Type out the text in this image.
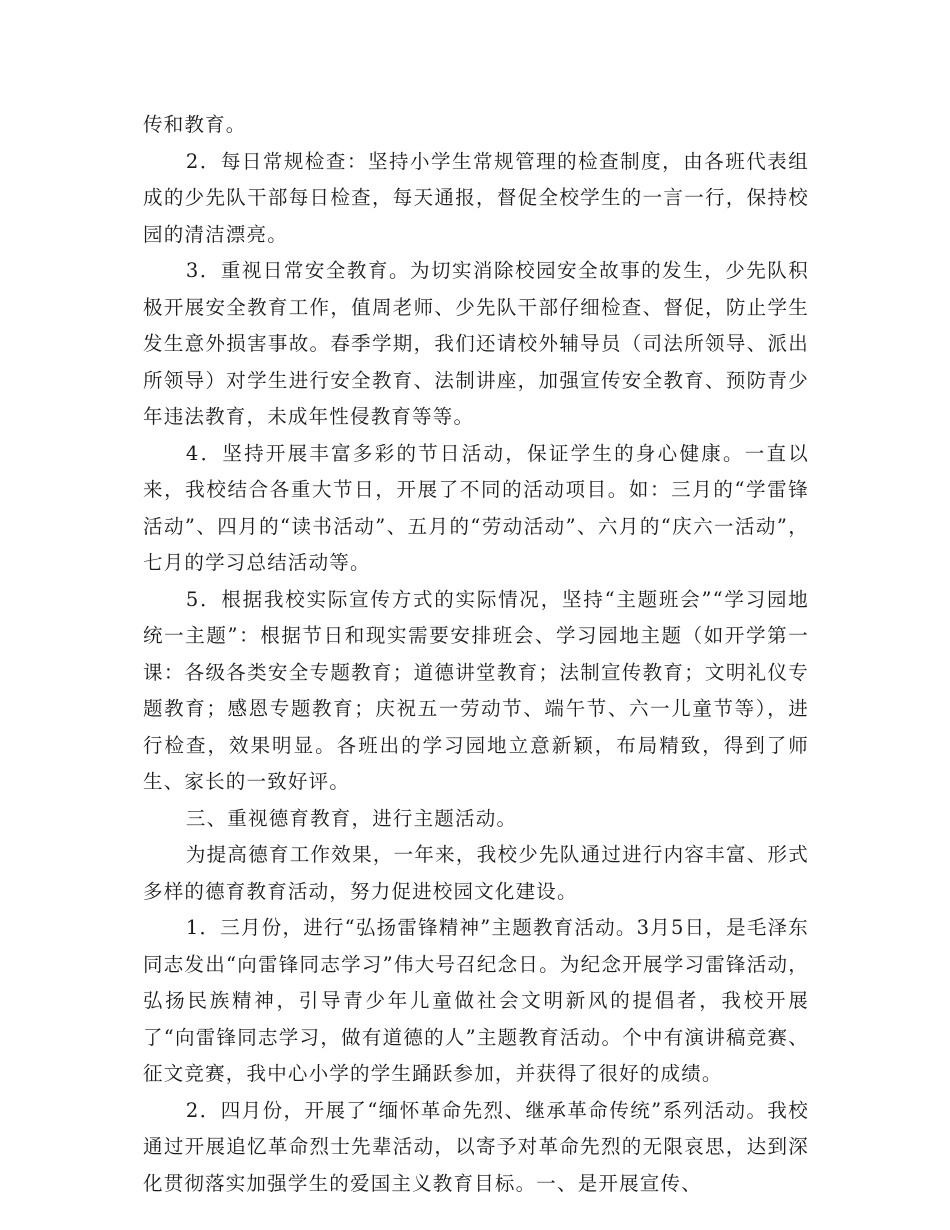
传和教育。

2．每日常规检查：坚持小学生常规管理的检查制度，由各班代表组成的少先队干部每日检查，每天通报，督促全校学生的一言一行，保持校园的清洁漂亮。

3．重视日常安全教育。为切实消除校园安全故事的发生，少先队积极开展安全教育工作，值周老师、少先队干部仔细检查、督促，防止学生发生意外损害事故。春季学期，我们还请校外辅导员（司法所领导、派出所领导）对学生进行安全教育、法制讲座，加强宣传安全教育、预防青少年违法教育，未成年性侵教育等等。

4．坚持开展丰富多彩的节日活动，保证学生的身心健康。一直以来，我校结合各重大节日，开展了不同的活动项目。如：三月的“学雷锋活动”、四月的“读书活动”、五月的“劳动活动”、六月的“庆六一活动”，七月的学习总结活动等。

5．根据我校实际宣传方式的实际情况，坚持“主题班会”“学习园地统一主题”：根据节日和现实需要安排班会、学习园地主题（如开学第一课：各级各类安全专题教育；道德讲堂教育；法制宣传教育；文明礼仪专题教育；感恩专题教育；庆祝五一劳动节、端午节、六一儿童节等），进行检查，效果明显。各班出的学习园地立意新颖，布局精致，得到了师生、家长的一致好评。

三、重视德育教育，进行主题活动。

为提高德育工作效果，一年来，我校少先队通过进行内容丰富、形式多样的德育教育活动，努力促进校园文化建设。

1．三月份，进行“弘扬雷锋精神”主题教育活动。3月5日，是毛泽东同志发出“向雷锋同志学习”伟大号召纪念日。为纪念开展学习雷锋活动，弘扬民族精神，引导青少年儿童做社会文明新风的提倡者，我校开展了“向雷锋同志学习，做有道德的人”主题教育活动。个中有演讲稿竞赛、征文竞赛，我中心小学的学生踊跃参加，并获得了很好的成绩。

2．四月份，开展了“缅怀革命先烈、继承革命传统”系列活动。我校通过开展追忆革命烈士先辈活动，以寄予对革命先烈的无限哀思，达到深化贯彻落实加强学生的爱国主义教育目标。一、是开展宣传、
